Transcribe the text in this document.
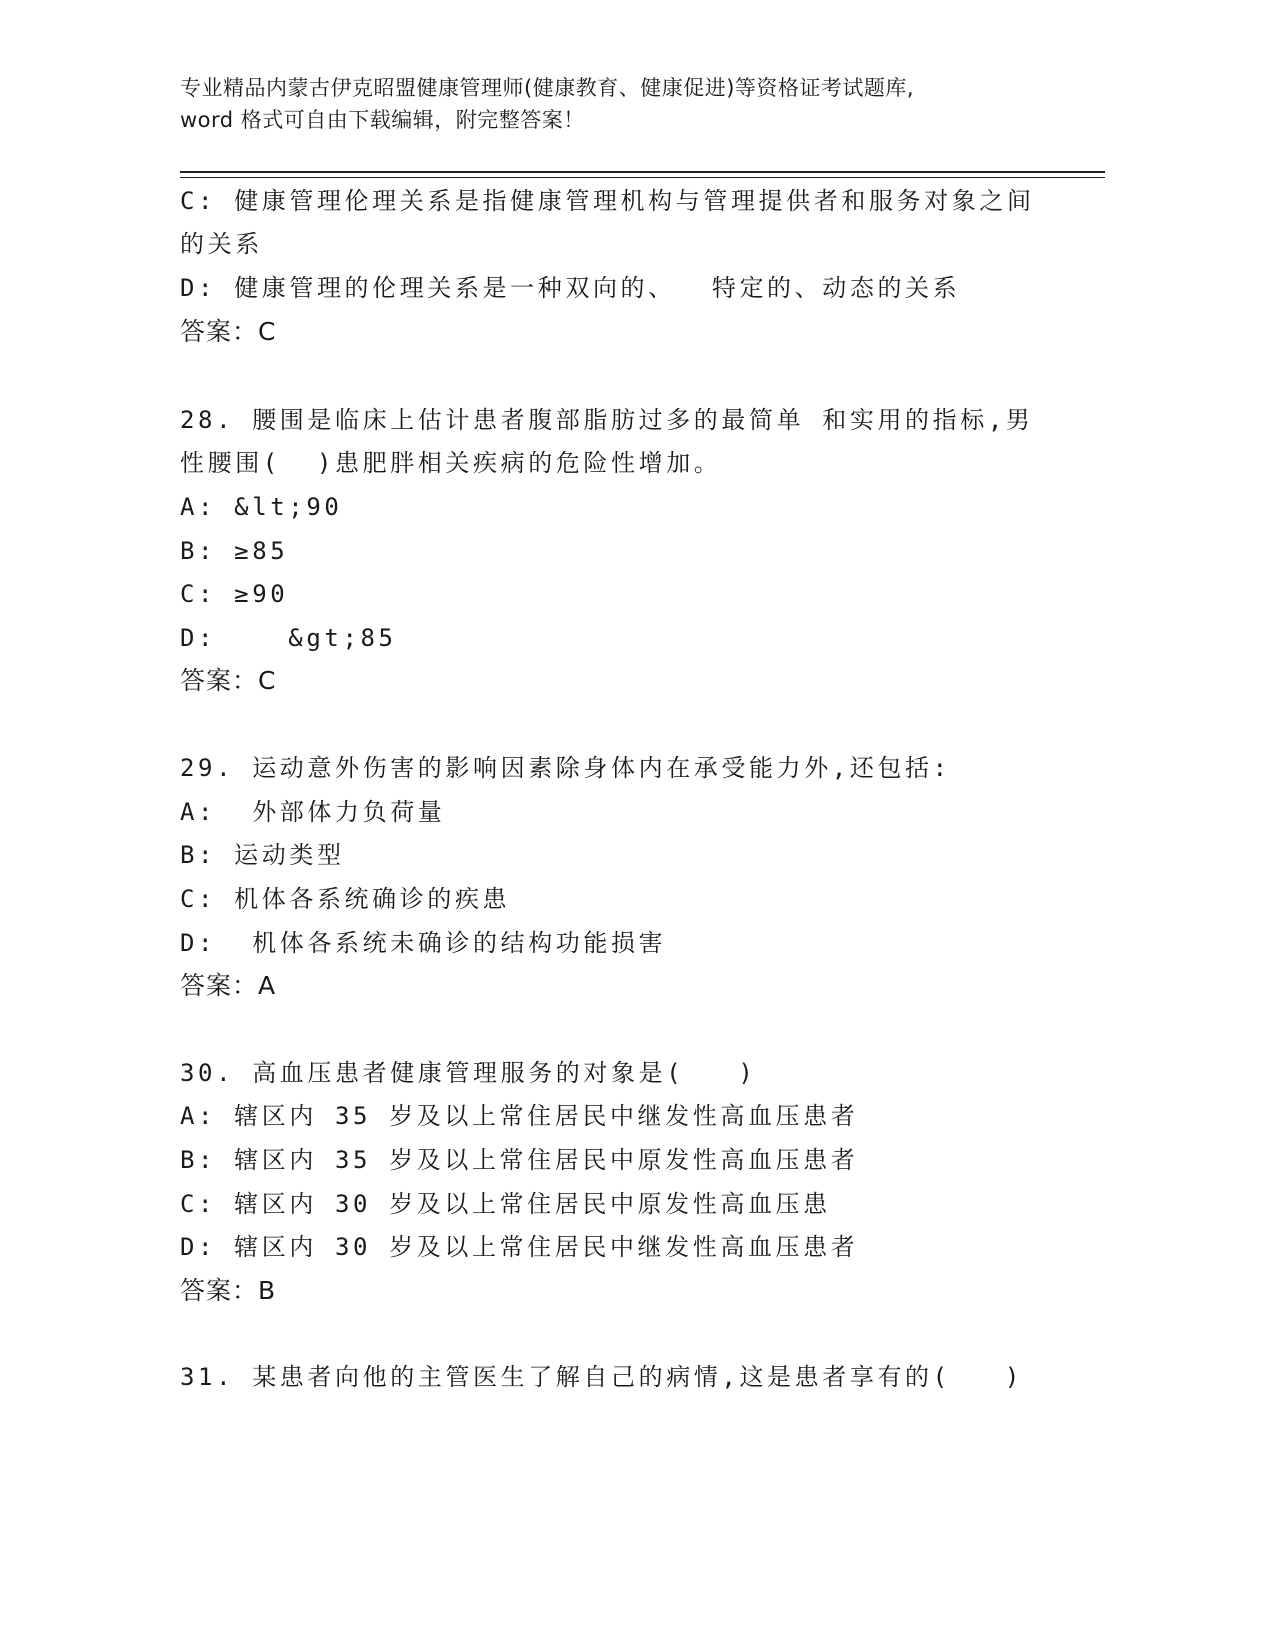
专业精品内蒙古伊克昭盟健康管理师(健康教育、健康促进)等资格证考试题库,
word 格式可自由下载编辑，附完整答案！
C: 健康管理伦理关系是指健康管理机构与管理提供者和服务对象之间
的关系
D: 健康管理的伦理关系是一种双向的、  特定的、动态的关系
答案：C
28. 腰围是临床上估计患者腹部脂肪过多的最简单 和实用的指标,男
性腰围(  )患肥胖相关疾病的危险性增加。
A: &lt;90
B: ≥85
C: ≥90
D:    &gt;85
答案：C
29. 运动意外伤害的影响因素除身体内在承受能力外,还包括:
A:  外部体力负荷量
B: 运动类型
C: 机体各系统确诊的疾患
D:  机体各系统未确诊的结构功能损害
答案：A
30. 高血压患者健康管理服务的对象是(   )
A: 辖区内 35 岁及以上常住居民中继发性高血压患者
B: 辖区内 35 岁及以上常住居民中原发性高血压患者
C: 辖区内 30 岁及以上常住居民中原发性高血压患
D: 辖区内 30 岁及以上常住居民中继发性高血压患者
答案：B
31. 某患者向他的主管医生了解自己的病情,这是患者享有的(   )
